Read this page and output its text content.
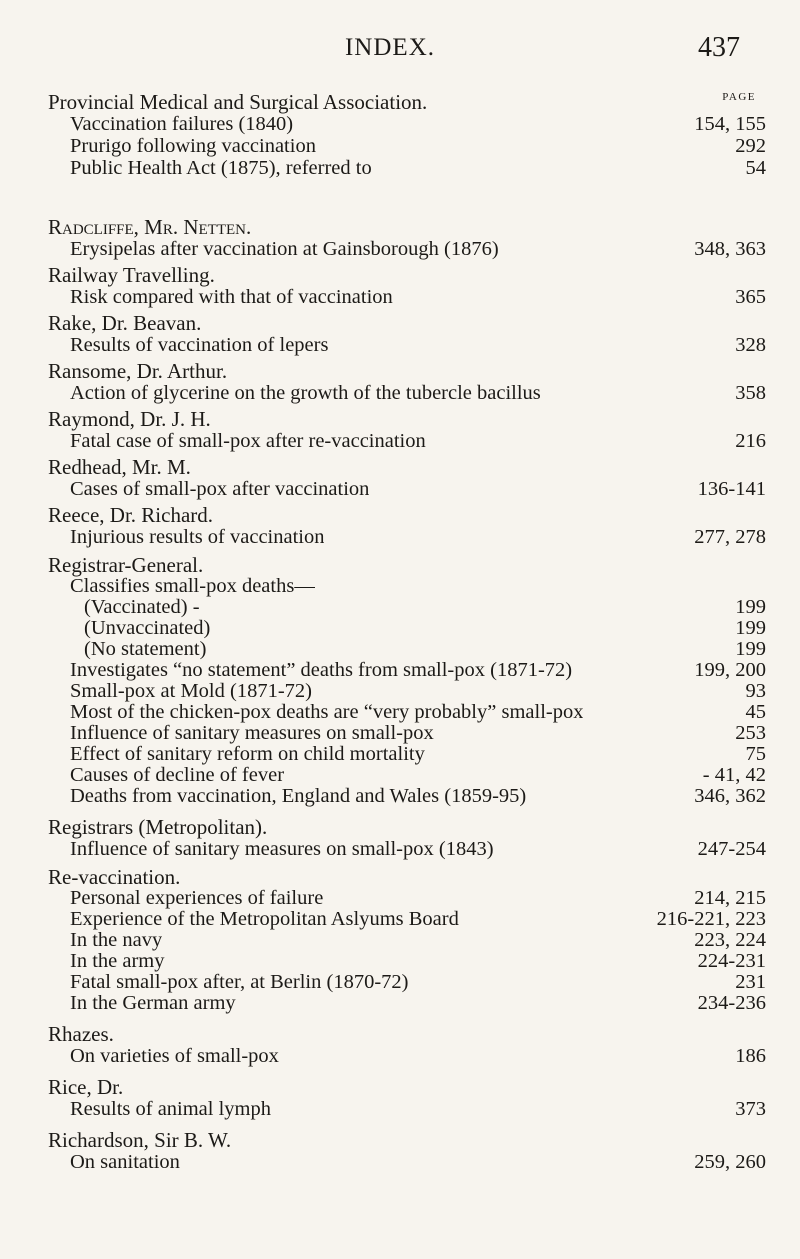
INDEX.	437
PAGE
Provincial Medical and Surgical Association.
Vaccination failures (1840)	154, 155
Prurigo following vaccination	292
Public Health Act (1875), referred to	54
Radcliffe, Mr. Netten.
Erysipelas after vaccination at Gainsborough (1876)	348, 363
Railway Travelling.
Risk compared with that of vaccination	365
Rake, Dr. Beavan.
Results of vaccination of lepers	328
Ransome, Dr. Arthur.
Action of glycerine on the growth of the tubercle bacillus	358
Raymond, Dr. J. H.
Fatal case of small-pox after re-vaccination	216
Redhead, Mr. M.
Cases of small-pox after vaccination	136-141
Reece, Dr. Richard.
Injurious results of vaccination	277, 278
Registrar-General.
Classifies small-pox deaths—
(Vaccinated) -	199
(Unvaccinated)	199
(No statement)	199
Investigates “no statement” deaths from small-pox (1871-72)	199, 200
Small-pox at Mold (1871-72)	93
Most of the chicken-pox deaths are “very probably” small-pox	45
Influence of sanitary measures on small-pox	253
Effect of sanitary reform on child mortality	75
Causes of decline of fever	- 41, 42
Deaths from vaccination, England and Wales (1859-95)	346, 362
Registrars (Metropolitan).
Influence of sanitary measures on small-pox (1843)	247-254
Re-vaccination.
Personal experiences of failure	214, 215
Experience of the Metropolitan Aslyums Board	216-221, 223
In the navy	223, 224
In the army	224-231
Fatal small-pox after, at Berlin (1870-72)	231
In the German army	234-236
Rhazes.
On varieties of small-pox	186
Rice, Dr.
Results of animal lymph	373
Richardson, Sir B. W.
On sanitation	259, 260
